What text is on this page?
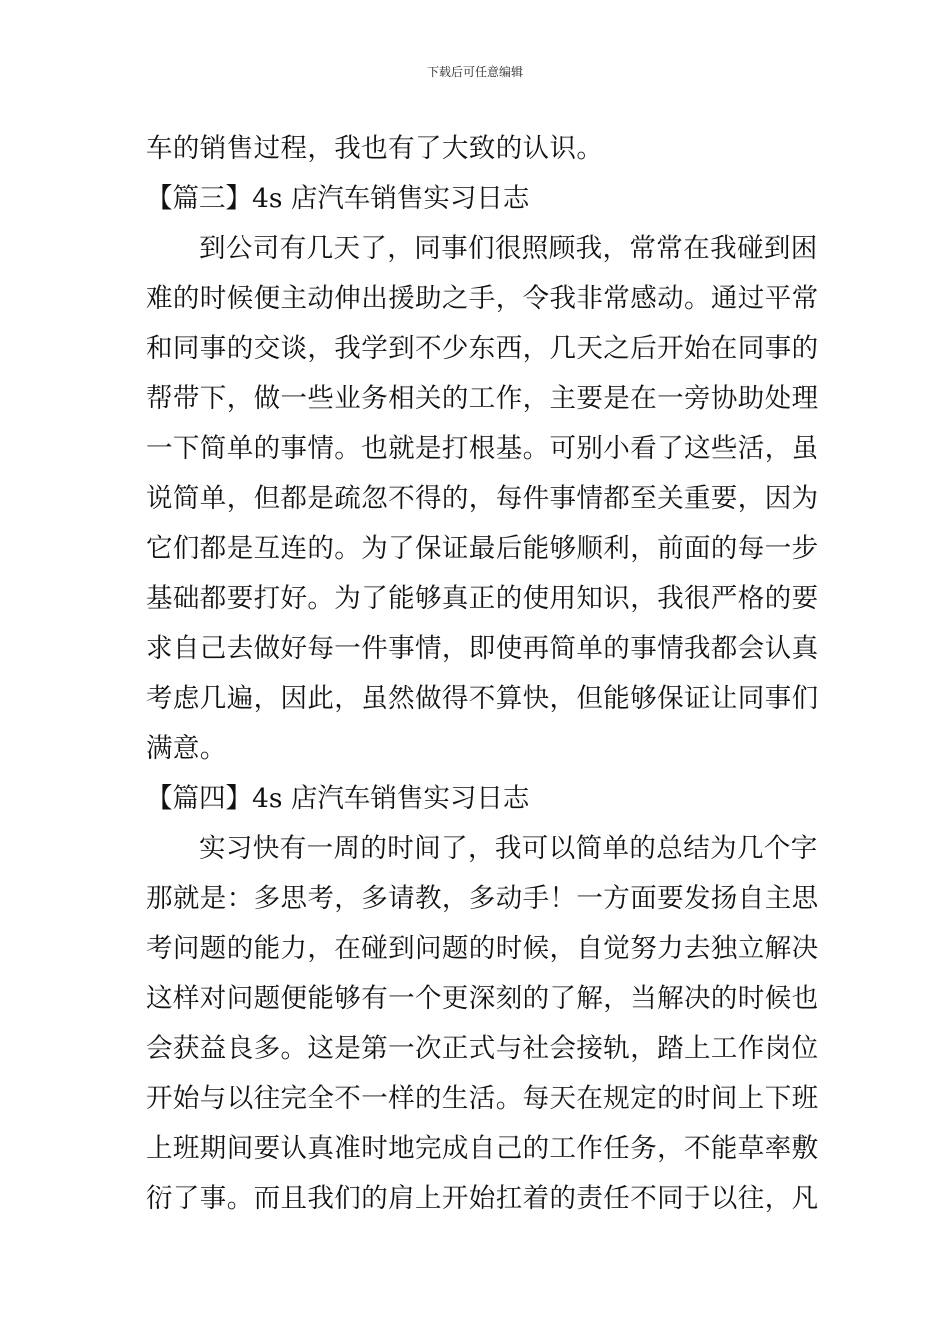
下载后可任意编辑
车的销售过程，我也有了大致的认识。
【篇三】4s 店汽车销售实习日志
到公司有几天了，同事们很照顾我，常常在我碰到困
难的时候便主动伸出援助之手，令我非常感动。通过平常
和同事的交谈，我学到不少东西，几天之后开始在同事的
帮带下，做一些业务相关的工作，主要是在一旁协助处理
一下简单的事情。也就是打根基。可别小看了这些活，虽
说简单，但都是疏忽不得的，每件事情都至关重要，因为
它们都是互连的。为了保证最后能够顺利，前面的每一步
基础都要打好。为了能够真正的使用知识，我很严格的要
求自己去做好每一件事情，即使再简单的事情我都会认真
考虑几遍，因此，虽然做得不算快，但能够保证让同事们
满意。
【篇四】4s 店汽车销售实习日志
实习快有一周的时间了，我可以简单的总结为几个字
那就是：多思考，多请教，多动手！一方面要发扬自主思
考问题的能力，在碰到问题的时候，自觉努力去独立解决
这样对问题便能够有一个更深刻的了解，当解决的时候也
会获益良多。这是第一次正式与社会接轨，踏上工作岗位
开始与以往完全不一样的生活。每天在规定的时间上下班
上班期间要认真准时地完成自己的工作任务，不能草率敷
衍了事。而且我们的肩上开始扛着的责任不同于以往，凡
